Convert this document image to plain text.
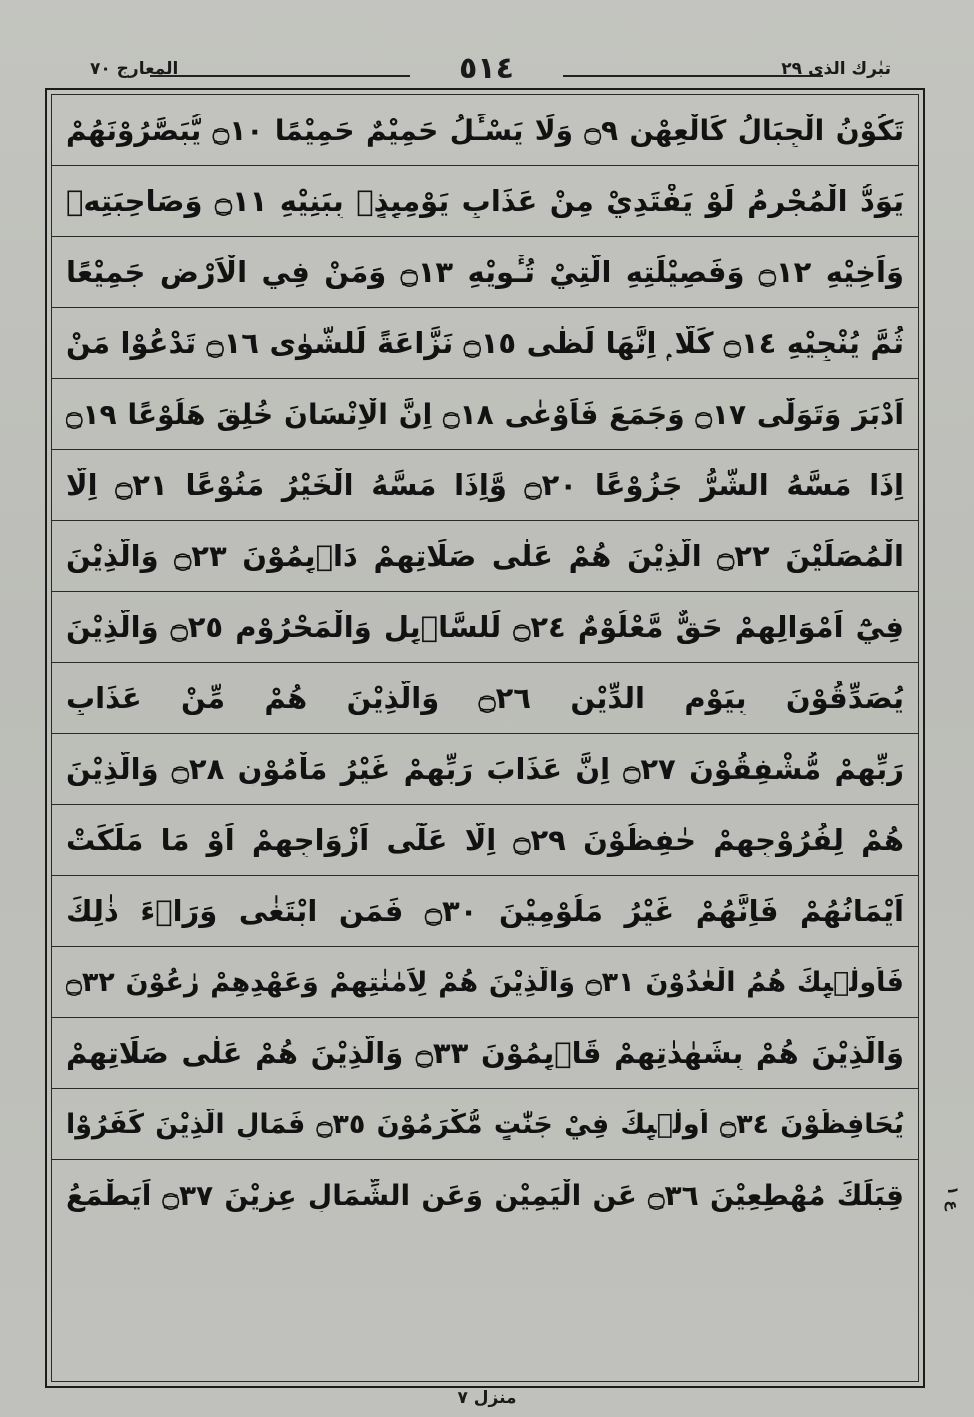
المعارج ٧٠	٥١٤	تبٰرك الذی ٢٩
تَكُوْنُ الْجِبَالُ كَالْعِهْنِ ۝٩ وَلَا يَسْـَٔلُ حَمِيْمٌ حَمِيْمًا ۝١٠ يُّبَصَّرُوْنَهُمْ
يَوَدُّ الْمُجْرِمُ لَوْ يَفْتَدِيْ مِنْ عَذَابِ يَوْمِىِٕذٍۭ بِبَنِيْهِ ۝١١ وَصَاحِبَتِهٖ
وَاَخِيْهِ ۝١٢ وَفَصِيْلَتِهِ الَّتِيْ تُـْٔوِيْهِ ۝١٣ وَمَنْ فِي الْاَرْضِ جَمِيْعًا
ثُمَّ يُنْجِيْهِ ۝١٤ كَلَّا ۭ اِنَّهَا لَظٰى ۝١٥ نَزَّاعَةً لِّلشَّوٰى ۝١٦ تَدْعُوْا مَنْ
اَدْبَرَ وَتَوَلّٰى ۝١٧ وَجَمَعَ فَاَوْعٰى ۝١٨ اِنَّ الْاِنْسَانَ خُلِقَ هَلُوْعًا ۝١٩
اِذَا مَسَّهُ الشَّرُّ جَزُوْعًا ۝٢٠ وَّاِذَا مَسَّهُ الْخَيْرُ مَنُوْعًا ۝٢١ اِلَّا
الْمُصَلِّيْنَ ۝٢٢ الَّذِيْنَ هُمْ عَلٰى صَلَاتِهِمْ دَاۗىِٕمُوْنَ ۝٢٣ وَالَّذِيْنَ
فِيْٓ اَمْوَالِهِمْ حَقٌّ مَّعْلُوْمٌ ۝٢٤ لِّلسَّاۗىِٕلِ وَالْمَحْرُوْمِ ۝٢٥ وَالَّذِيْنَ
يُصَدِّقُوْنَ بِيَوْمِ الدِّيْنِ ۝٢٦ وَالَّذِيْنَ هُمْ مِّنْ عَذَابِ
رَبِّهِمْ مُّشْفِقُوْنَ ۝٢٧ اِنَّ عَذَابَ رَبِّهِمْ غَيْرُ مَاْمُوْنٍ ۝٢٨ وَالَّذِيْنَ
هُمْ لِفُرُوْجِهِمْ حٰفِظُوْنَ ۝٢٩ اِلَّا عَلٰٓى اَزْوَاجِهِمْ اَوْ مَا مَلَكَتْ
اَيْمَانُهُمْ فَاِنَّهُمْ غَيْرُ مَلُوْمِيْنَ ۝٣٠ فَمَنِ ابْتَغٰى وَرَاۗءَ ذٰلِكَ
فَاُولٰۗىِٕكَ هُمُ الْعٰدُوْنَ ۝٣١ وَالَّذِيْنَ هُمْ لِاَمٰنٰتِهِمْ وَعَهْدِهِمْ رٰعُوْنَ ۝٣٢
وَالَّذِيْنَ هُمْ بِشَهٰدٰتِهِمْ قَاۗىِٕمُوْنَ ۝٣٣ وَالَّذِيْنَ هُمْ عَلٰى صَلَاتِهِمْ
يُحَافِظُوْنَ ۝٣٤ اُولٰۗىِٕكَ فِيْ جَنّٰتٍ مُّكْرَمُوْنَ ۝٣٥ فَمَالِ الَّذِيْنَ كَفَرُوْا
قِبَلَكَ مُهْطِعِيْنَ ۝٣٦ عَنِ الْيَمِيْنِ وَعَنِ الشِّمَالِ عِزِيْنَ ۝٣٧ اَيَطْمَعُ	ع ١
منزل ٧
